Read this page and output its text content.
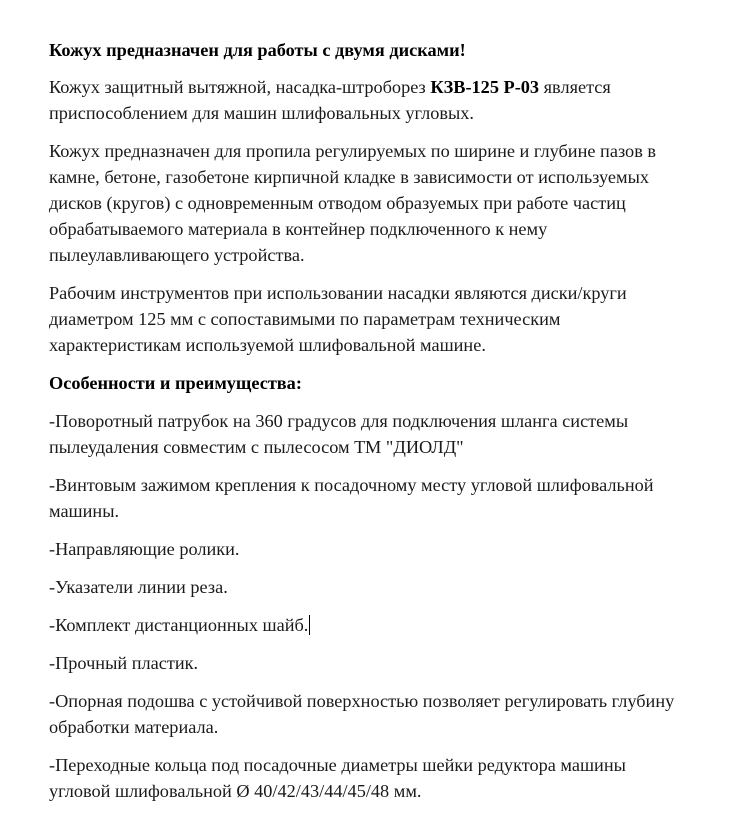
Кожух предназначен для работы с двумя дисками!

Кожух защитный вытяжной, насадка-штроборез КЗВ-125 Р-03 является
приспособлением для машин шлифовальных угловых.

Кожух предназначен для пропила регулируемых по ширине и глубине пазов в
камне, бетоне, газобетоне кирпичной кладке в зависимости от используемых
дисков (кругов) с одновременным отводом образуемых при работе частиц
обрабатываемого материала в контейнер подключенного к нему
пылеулавливающего устройства.

Рабочим инструментов при использовании насадки являются диски/круги
диаметром 125 мм с сопоставимыми по параметрам техническим
характеристикам используемой шлифовальной машине.

Особенности и преимущества:

-Поворотный патрубок на 360 градусов для подключения шланга системы
пылеудаления совместим с пылесосом ТМ "ДИОЛД"

-Винтовым зажимом крепления к посадочному месту угловой шлифовальной
машины.

-Направляющие ролики.

-Указатели линии реза.

-Комплект дистанционных шайб.

-Прочный пластик.

-Опорная подошва с устойчивой поверхностью позволяет регулировать глубину
обработки материала.

-Переходные кольца под посадочные диаметры шейки редуктора машины
угловой шлифовальной Ø 40/42/43/44/45/48 мм.
